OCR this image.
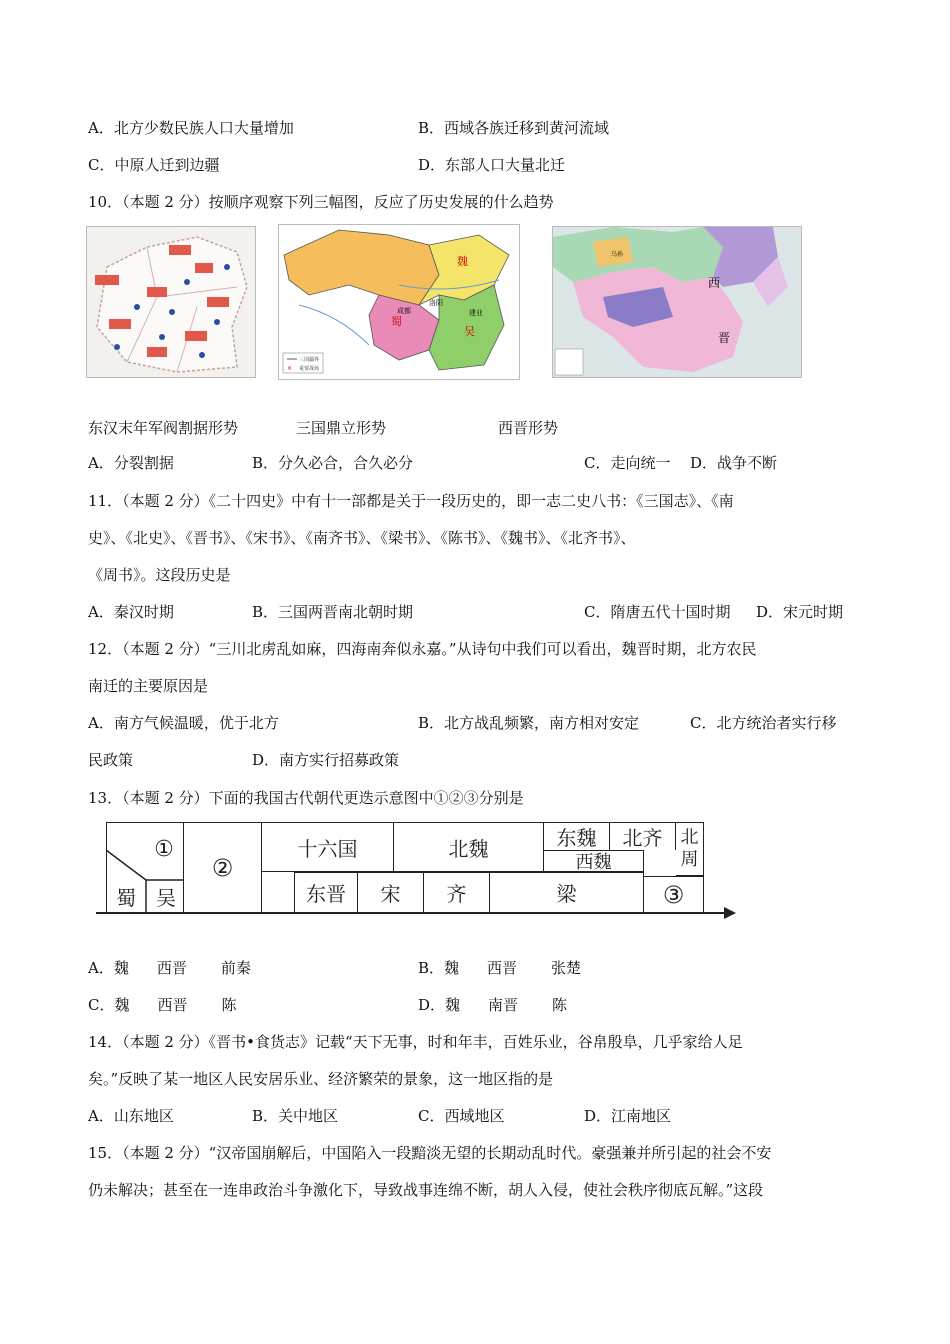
A．北方少数民族人口大量增加	B．西域各族迁移到黄河流域
C．中原人迁到边疆	D．东部人口大量北迁
10．（本题 2 分）按顺序观察下列三幅图，反应了历史发展的什么趋势
三国疆界
× 重要战场
魏
蜀
吴
洛阳
成都	建业
西
晋
乌孙
东汉末年军阀割据形势	三国鼎立形势	西晋形势
A．分裂割据	B．分久必合，合久必分	C．走向统一 D．战争不断
11．（本题 2 分）《二十四史》中有十一部都是关于一段历史的，即一志二史八书：《三国志》、《南
史》、《北史》、《晋书》、《宋书》、《南齐书》、《梁书》、《陈书》、《魏书》、《北齐书》、
《周书》。这段历史是
A．秦汉时期	B．三国两晋南北朝时期	C．隋唐五代十国时期 D．宋元时期
12．（本题 2 分）“三川北虏乱如麻，四海南奔似永嘉。”从诗句中我们可以看出，魏晋时期，北方农民
南迁的主要原因是
A．南方气候温暖，优于北方	B．北方战乱频繁，南方相对安定	C．北方统治者实行移
民政策	D．南方实行招募政策
13．（本题 2 分）下面的我国古代朝代更迭示意图中①②③分别是
①
蜀	吴
②
十六国	北魏	东魏	北齐
西魏
北周
东晋	宋	齐	梁	③
A．魏 西晋 前秦	B．魏 西晋 张楚
C．魏 西晋 陈	D．魏 南晋 陈
14．（本题 2 分）《晋书•食货志》记载“天下无事，时和年丰，百姓乐业，谷帛殷阜，几乎家给人足
矣。”反映了某一地区人民安居乐业、经济繁荣的景象，这一地区指的是
A．山东地区	B．关中地区	C．西域地区	D．江南地区
15．（本题 2 分）“汉帝国崩解后，中国陷入一段黯淡无望的长期动乱时代。豪强兼并所引起的社会不安
仍未解决；甚至在一连串政治斗争激化下，导致战事连绵不断，胡人入侵，使社会秩序彻底瓦解。”这段
